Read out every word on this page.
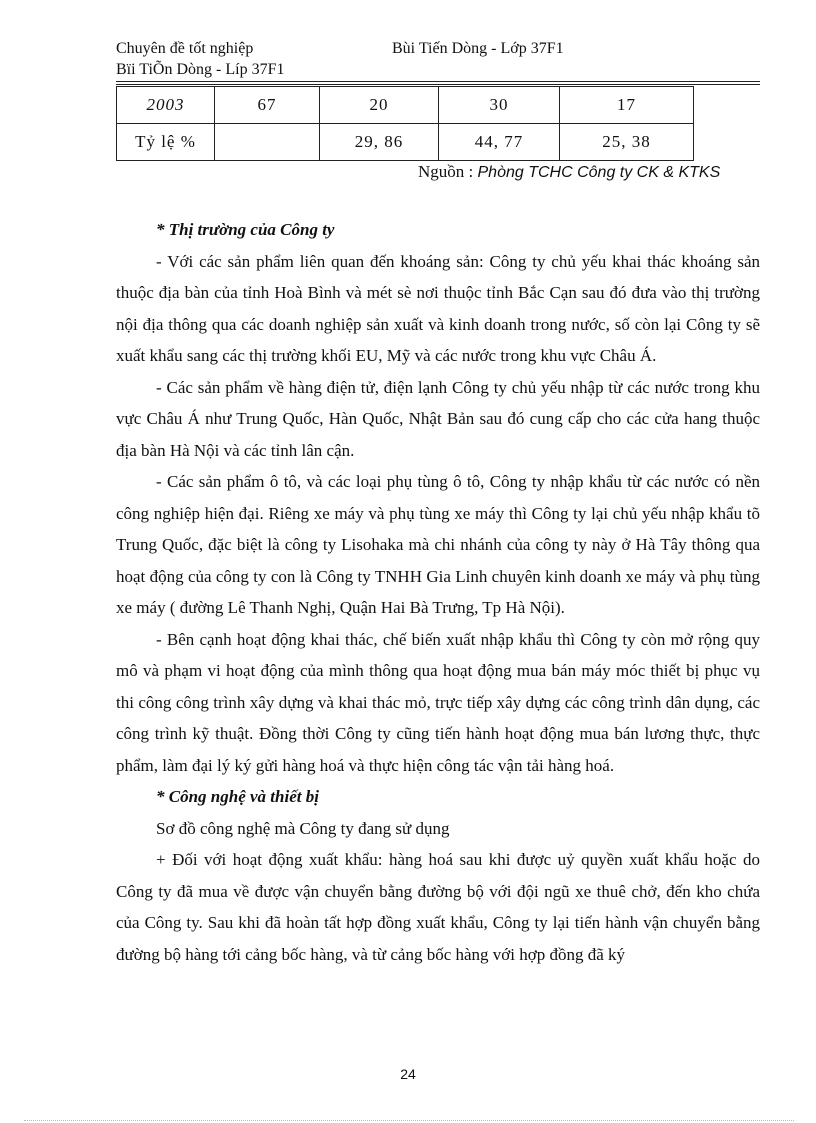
Chuyên đề tốt nghiệp	Bùi Tiến Dòng - Lớp 37F1
Bïi TiÕn Dòng - Líp 37F1
2003	67	20	30	17
Tỷ lệ %		29, 86	44, 77	25, 38
Nguồn : Phòng TCHC Công ty CK & KTKS

* Thị trường của Công ty

- Với các sản phẩm liên quan đến khoáng sản: Công ty chủ yếu khai thác khoáng sản thuộc địa bàn của tỉnh Hoà Bình và mét sè nơi thuộc tỉnh Bắc Cạn sau đó đưa vào thị trường nội địa thông qua các doanh nghiệp sản xuất và kinh doanh trong nước, số còn lại Công ty sẽ xuất khẩu sang các thị trường khối EU, Mỹ và các nước trong khu vực Châu Á.

- Các sản phẩm về hàng điện tử, điện lạnh Công ty chủ yếu nhập từ các nước trong khu vực Châu Á như Trung Quốc, Hàn Quốc, Nhật Bản sau đó cung cấp cho các cửa hang thuộc địa bàn Hà Nội và các tỉnh lân cận.

- Các sản phẩm ô tô, và các loại phụ tùng ô tô, Công ty nhập khẩu từ các nước có nền công nghiệp hiện đại. Riêng xe máy và phụ tùng xe máy thì Công ty lại chủ yếu nhập khẩu tõ Trung Quốc, đặc biệt là công ty Lisohaka mà chi nhánh của công ty này ở Hà Tây thông qua hoạt động của công ty con là Công ty TNHH Gia Linh chuyên kinh doanh xe máy và phụ tùng xe máy ( đường Lê Thanh Nghị, Quận Hai Bà Trưng, Tp Hà Nội).

- Bên cạnh hoạt động khai thác, chế biến xuất nhập khẩu thì Công ty còn mở rộng quy mô và phạm vi hoạt động của mình thông qua hoạt động mua bán máy móc thiết bị phục vụ thi công công trình xây dựng và khai thác mỏ, trực tiếp xây dựng các công trình dân dụng, các công trình kỹ thuật. Đồng thời Công ty cũng tiến hành hoạt động mua bán lương thực, thực phẩm, làm đại lý ký gửi hàng hoá và thực hiện công tác vận tải hàng hoá.

* Công nghệ và thiết bị

Sơ đồ công nghệ mà Công ty đang sử dụng

+ Đối với hoạt động xuất khẩu: hàng hoá sau khi được uỷ quyền xuất khẩu hoặc do Công ty đã mua về được vận chuyển bằng đường bộ với đội ngũ xe thuê chở, đến kho chứa của Công ty. Sau khi đã hoàn tất hợp đồng xuất khẩu, Công ty lại tiến hành vận chuyển bằng đường bộ hàng tới cảng bốc hàng, và từ cảng bốc hàng với hợp đồng đã ký

24
